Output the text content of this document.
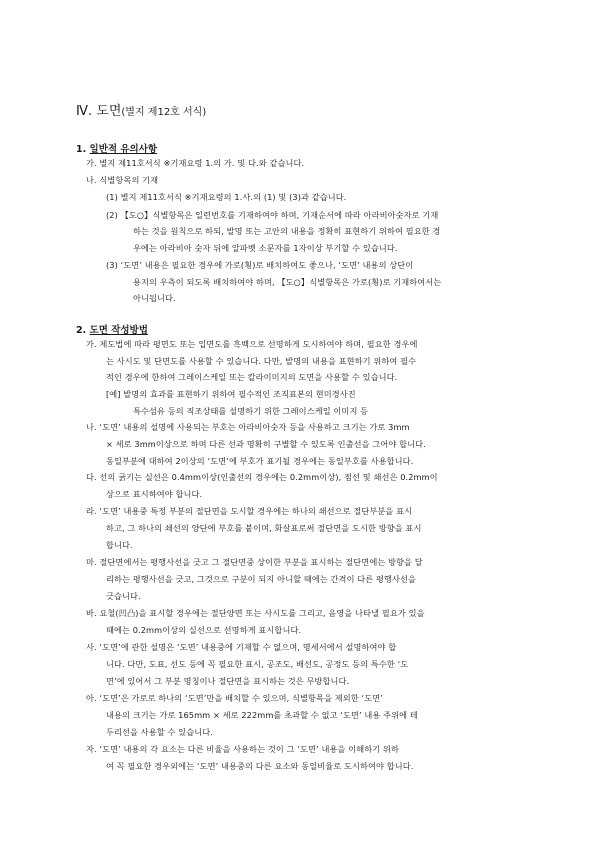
Ⅳ. 도면(별지 제12호 서식)
1. 일반적 유의사항
가. 별지 제11호서식 ※기재요령 1.의 가. 및 다.와 같습니다.
나. 식별항목의 기재
(1) 별지 제11호서식 ※기재요령의 1.사.의 (1) 및 (3)과 같습니다.
(2) 【도○】식별항목은 일련번호를 기재하여야 하며, 기재순서에 따라 아라비아숫자로 기재
하는 것을 원칙으로 하되, 발명 또는 고안의 내용을 정확히 표현하기 위하여 필요한 경
우에는 아라비아 숫자 뒤에 알파벳 소문자를 1자이상 부기할 수 있습니다.
(3) ‘도면’ 내용은 필요한 경우에 가로(횡)로 배치하여도 좋으나, ‘도면’ 내용의 상단이
용지의 우측이 되도록 배치하여야 하며, 【도○】식별항목은 가로(횡)로 기재하여서는
아니됩니다.
2. 도면 작성방법
가. 제도법에 따라 평면도 또는 입면도를 흑백으로 선명하게 도시하여야 하며, 필요한 경우에
는 사시도 및 단면도를 사용할 수 있습니다. 다만, 발명의 내용을 표현하기 위하여 필수
적인 경우에 한하여 그레이스케일 또는 칼라이미지의 도면을 사용할 수 있습니다.
[예] 발명의 효과를 표현하기 위하여 필수적인 조직표본의 현미경사진
특수섬유 등의 직조상태를 설명하기 위한 그레이스케일 이미지 등
나. ‘도면’ 내용의 설명에 사용되는 부호는 아라비아숫자 등을 사용하고 크기는 가로 3mm
× 세로 3mm이상으로 하며 다른 선과 명확히 구별할 수 있도록 인출선을 그어야 합니다.
동일부분에 대하여 2이상의 ‘도면’에 부호가 표기될 경우에는 동일부호를 사용합니다.
다. 선의 굵기는 실선은 0.4mm이상(인출선의 경우에는 0.2mm이상), 점선 및 쇄선은 0.2mm이
상으로 표시하여야 합니다.
라. ‘도면’ 내용중 특정 부분의 절단면을 도시할 경우에는 하나의 쇄선으로 절단부분을 표시
하고, 그 하나의 쇄선의 양단에 부호를 붙이며, 화살표로써 절단면을 도시한 방향을 표시
합니다.
마. 절단면에서는 평행사선을 긋고 그 절단면중 상이한 부분을 표시하는 절단면에는 방향을 달
리하는 평행사선을 긋고, 그것으로 구분이 되지 아니할 때에는 간격이 다른 평행사선을
긋습니다.
바. 요철(凹凸)을 표시할 경우에는 절단양면 또는 사시도를 그리고, 음영을 나타낼 필요가 있을
때에는 0.2mm이상의 실선으로 선명하게 표시합니다.
사. ‘도면’에 관한 설명은 ‘도면’ 내용중에 기재할 수 없으며, 명세서에서 설명하여야 합
니다. 다만, 도표, 선도 등에 꼭 필요한 표시, 공조도, 배선도, 공정도 등의 특수한 ‘도
면’에 있어서 그 부분 명칭이나 절단면을 표시하는 것은 무방합니다.
아. ‘도면’은 가로로 하나의 ‘도면’만을 배치할 수 있으며, 식별항목을 제외한 ‘도면’
내용의 크기는 가로 165mm × 세로 222mm를 초과할 수 없고 ‘도면’ 내용 주위에 테
두리선을 사용할 수 있습니다.
자. ‘도면’ 내용의 각 요소는 다른 비율을 사용하는 것이 그 ‘도면’ 내용을 이해하기 위하
여 꼭 필요한 경우외에는 ‘도면’ 내용중의 다른 요소와 동일비율로 도시하여야 합니다.
